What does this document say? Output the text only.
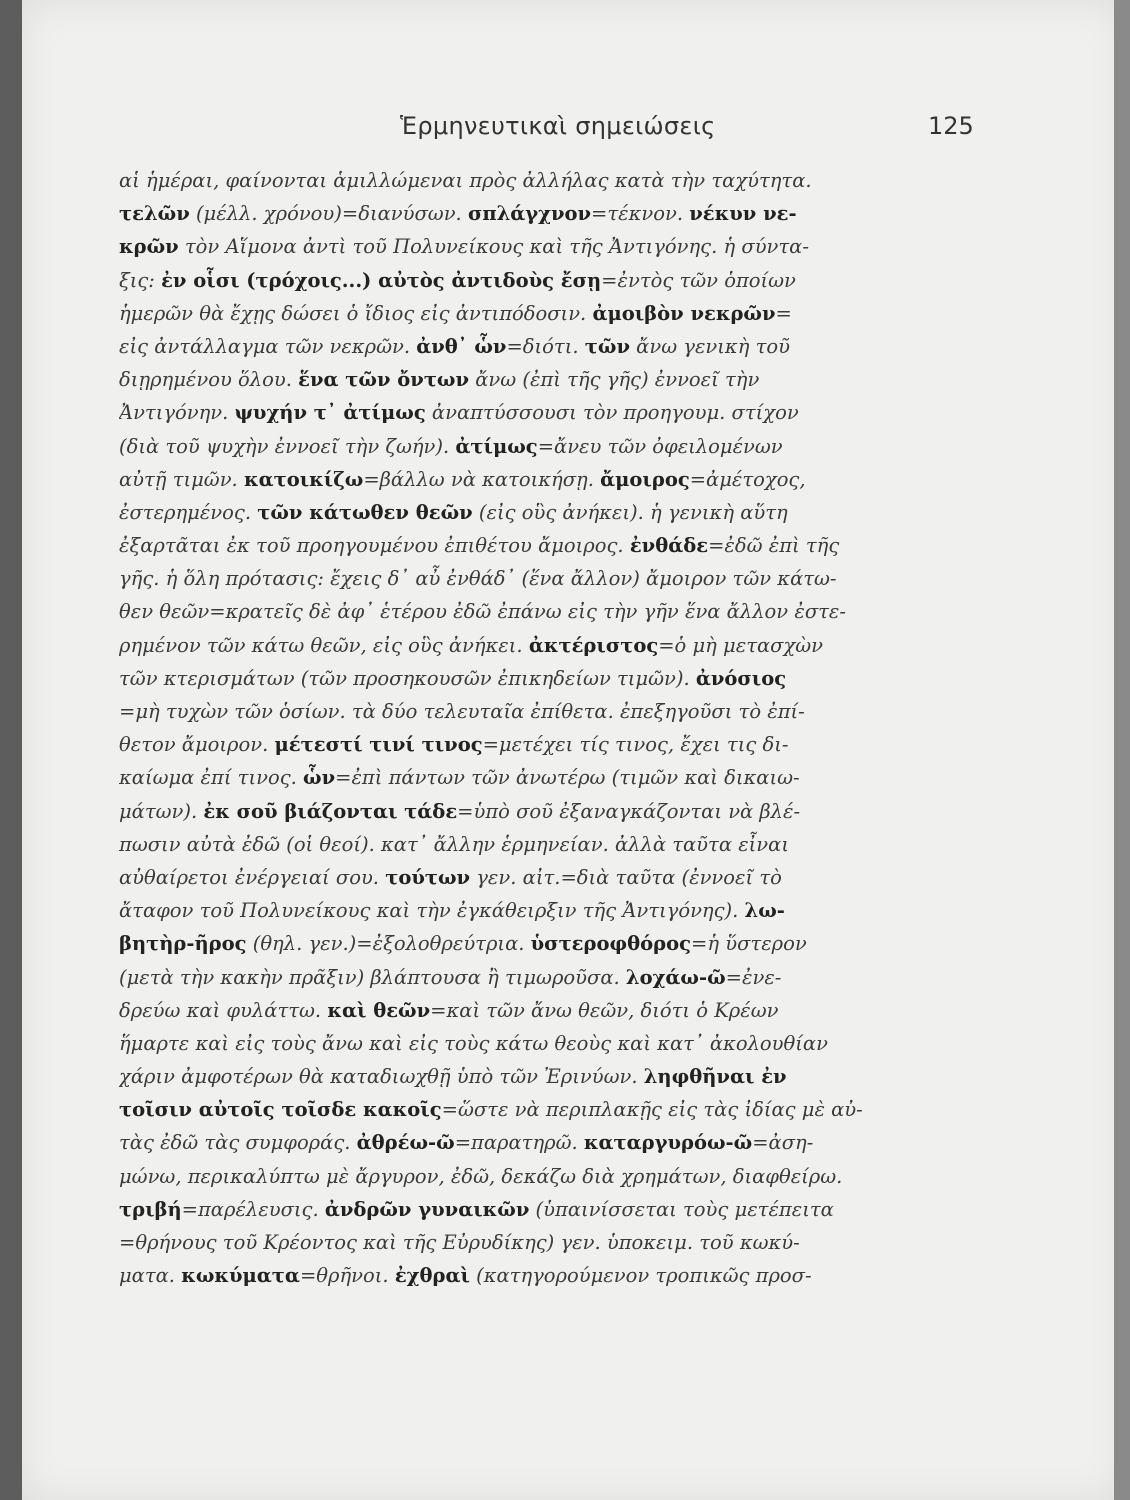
Ἑρμηνευτικαὶ σημειώσεις	125
αἱ ἡμέραι, φαίνονται ἁμιλλώμεναι πρὸς ἀλλήλας κατὰ τὴν ταχύτητα.
τελῶν (μέλλ. χρόνου)=διανύσων. σπλάγχνον=τέκνον. νέκυν νε-
κρῶν τὸν Αἵμονα ἀντὶ τοῦ Πολυνείκους καὶ τῆς Ἀντιγόνης. ἡ σύντα-
ξις: ἐν οἷσι (τρόχοις...) αὐτὸς ἀντιδοὺς ἔσῃ=ἐντὸς τῶν ὁποίων
ἡμερῶν θὰ ἔχῃς δώσει ὁ ἴδιος εἰς ἀντιπόδοσιν. ἀμοιβὸν νεκρῶν=
εἰς ἀντάλλαγμα τῶν νεκρῶν. ἀνθ᾿ ὧν=διότι. τῶν ἄνω γενικὴ τοῦ
διῃρημένου ὅλου. ἕνα τῶν ὄντων ἄνω (ἐπὶ τῆς γῆς) ἐννοεῖ τὴν
Ἀντιγόνην. ψυχήν τ᾿ ἀτίμως ἀναπτύσσουσι τὸν προηγουμ. στίχον
(διὰ τοῦ ψυχὴν ἐννοεῖ τὴν ζωήν). ἀτίμως=ἄνευ τῶν ὀφειλομένων
αὐτῇ τιμῶν. κατοικίζω=βάλλω νὰ κατοικήσῃ. ἄμοιρος=ἀμέτοχος,
ἐστερημένος. τῶν κάτωθεν θεῶν (εἰς οὓς ἀνήκει). ἡ γενικὴ αὕτη
ἐξαρτᾶται ἐκ τοῦ προηγουμένου ἐπιθέτου ἄμοιρος. ἐνθάδε=ἐδῶ ἐπὶ τῆς
γῆς. ἡ ὅλη πρότασις: ἔχεις δ᾿ αὖ ἐνθάδ᾿ (ἕνα ἄλλον) ἄμοιρον τῶν κάτω-
θεν θεῶν=κρατεῖς δὲ ἀφ᾿ ἑτέρου ἐδῶ ἐπάνω εἰς τὴν γῆν ἕνα ἄλλον ἐστε-
ρημένον τῶν κάτω θεῶν, εἰς οὓς ἀνήκει. ἀκτέριστος=ὁ μὴ μετασχὼν
τῶν κτερισμάτων (τῶν προσηκουσῶν ἐπικηδείων τιμῶν). ἀνόσιος
=μὴ τυχὼν τῶν ὁσίων. τὰ δύο τελευταῖα ἐπίθετα. ἐπεξηγοῦσι τὸ ἐπί-
θετον ἄμοιρον. μέτεστί τινί τινος=μετέχει τίς τινος, ἔχει τις δι-
καίωμα ἐπί τινος. ὧν=ἐπὶ πάντων τῶν ἀνωτέρω (τιμῶν καὶ δικαιω-
μάτων). ἐκ σοῦ βιάζονται τάδε=ὑπὸ σοῦ ἐξαναγκάζονται νὰ βλέ-
πωσιν αὐτὰ ἐδῶ (οἱ θεοί). κατ᾿ ἄλλην ἑρμηνείαν. ἀλλὰ ταῦτα εἶναι
αὐθαίρετοι ἐνέργειαί σου. τούτων γεν. αἰτ.=διὰ ταῦτα (ἐννοεῖ τὸ
ἄταφον τοῦ Πολυνείκους καὶ τὴν ἐγκάθειρξιν τῆς Ἀντιγόνης). λω-
βητὴρ-ῆρος (θηλ. γεν.)=ἐξολοθρεύτρια. ὑστεροφθόρος=ἡ ὕστερον
(μετὰ τὴν κακὴν πρᾶξιν) βλάπτουσα ἢ τιμωροῦσα. λοχάω-ῶ=ἐνε-
δρεύω καὶ φυλάττω. καὶ θεῶν=καὶ τῶν ἄνω θεῶν, διότι ὁ Κρέων
ἥμαρτε καὶ εἰς τοὺς ἄνω καὶ εἰς τοὺς κάτω θεοὺς καὶ κατ᾿ ἀκολουθίαν
χάριν ἀμφοτέρων θὰ καταδιωχθῇ ὑπὸ τῶν Ἐρινύων. ληφθῆναι ἐν
τοῖσιν αὐτοῖς τοῖσδε κακοῖς=ὥστε νὰ περιπλακῇς εἰς τὰς ἰδίας μὲ αὐ-
τὰς ἐδῶ τὰς συμφοράς. ἀθρέω-ῶ=παρατηρῶ. καταργυρόω-ῶ=ἀση-
μώνω, περικαλύπτω μὲ ἄργυρον, ἐδῶ, δεκάζω διὰ χρημάτων, διαφθείρω.
τριβή=παρέλευσις. ἀνδρῶν γυναικῶν (ὑπαινίσσεται τοὺς μετέπειτα
=θρήνους τοῦ Κρέοντος καὶ τῆς Εὐρυδίκης) γεν. ὑποκειμ. τοῦ κωκύ-
ματα. κωκύματα=θρῆνοι. ἐχθραὶ (κατηγορούμενον τροπικῶς προσ-
